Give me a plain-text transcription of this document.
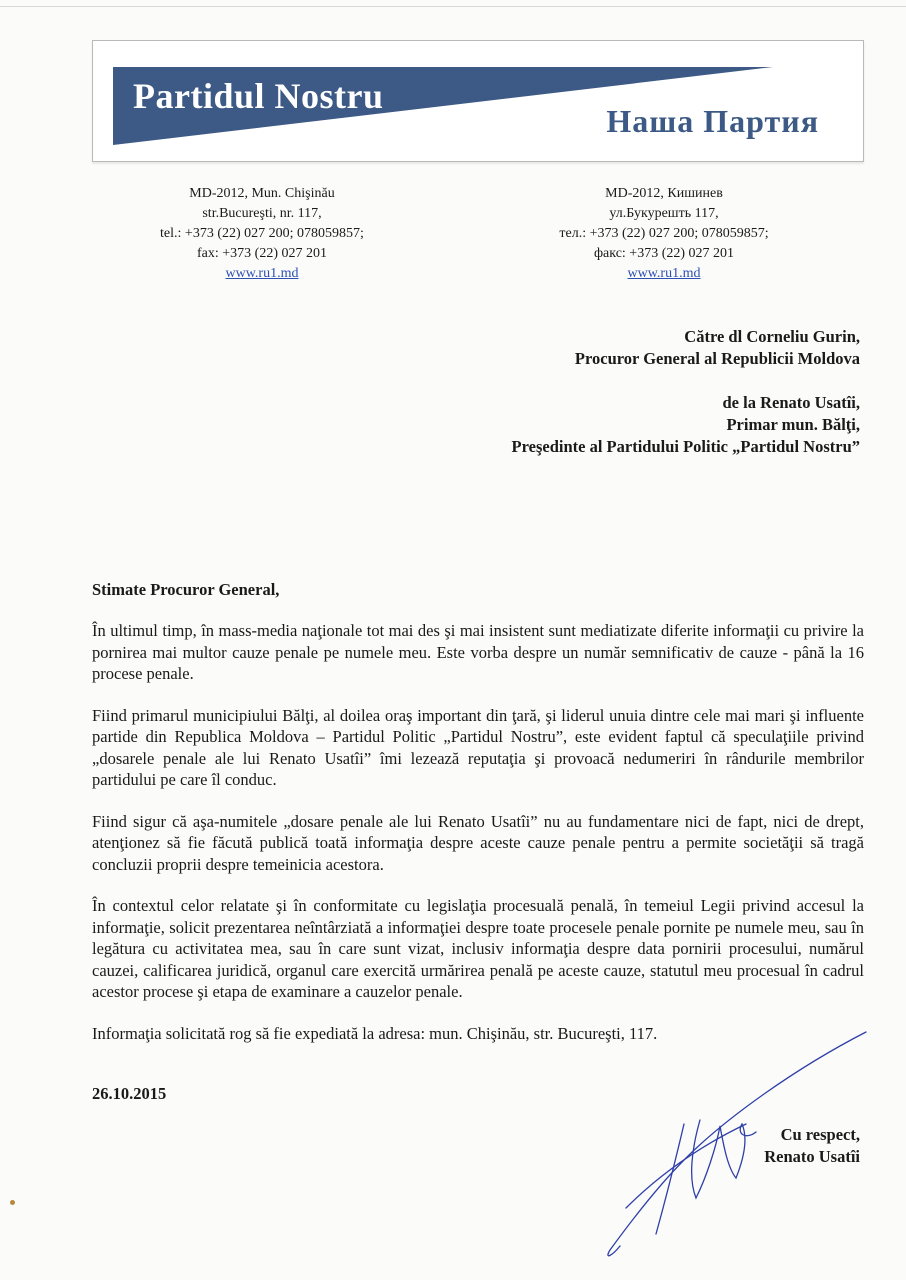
Partidul Nostru
Наша Партия
MD-2012, Mun. Chişinău
str.Bucureşti, nr. 117,
tel.: +373 (22) 027 200; 078059857;
fax: +373 (22) 027 201
www.ru1.md
MD-2012, Кишинев
ул.Букурешть 117,
тел.: +373 (22) 027 200; 078059857;
факс: +373 (22) 027 201
www.ru1.md
Către dl Corneliu Gurin,
Procuror General al Republicii Moldova
de la Renato Usatîi,
Primar mun. Bălţi,
Preşedinte al Partidului Politic „Partidul Nostru”
Stimate Procuror General,

În ultimul timp, în mass-media naţionale tot mai des şi mai insistent sunt mediatizate diferite informaţii cu privire la pornirea mai multor cauze penale pe numele meu. Este vorba despre un număr semnificativ de cauze - până la 16 procese penale.

Fiind primarul municipiului Bălţi, al doilea oraş important din ţară, şi liderul unuia dintre cele mai mari şi influente partide din Republica Moldova – Partidul Politic „Partidul Nostru”, este evident faptul că speculaţiile privind „dosarele penale ale lui Renato Usatîi” îmi lezează reputaţia şi provoacă nedumeriri în rândurile membrilor partidului pe care îl conduc.

Fiind sigur că aşa-numitele „dosare penale ale lui Renato Usatîi” nu au fundamentare nici de fapt, nici de drept, atenţionez să fie făcută publică toată informaţia despre aceste cauze penale pentru a permite societăţii să tragă concluzii proprii despre temeinicia acestora.

În contextul celor relatate şi în conformitate cu legislaţia procesuală penală, în temeiul Legii privind accesul la informaţie, solicit prezentarea neîntârziată a informaţiei despre toate procesele penale pornite pe numele meu, sau în legătura cu activitatea mea, sau în care sunt vizat, inclusiv informaţia despre data pornirii procesului, numărul cauzei, calificarea juridică, organul care exercită urmărirea penală pe aceste cauze, statutul meu procesual în cadrul acestor procese şi etapa de examinare a cauzelor penale.

Informaţia solicitată rog să fie expediată la adresa: mun. Chişinău, str. Bucureşti, 117.

26.10.2015
Cu respect,
Renato Usatîi
